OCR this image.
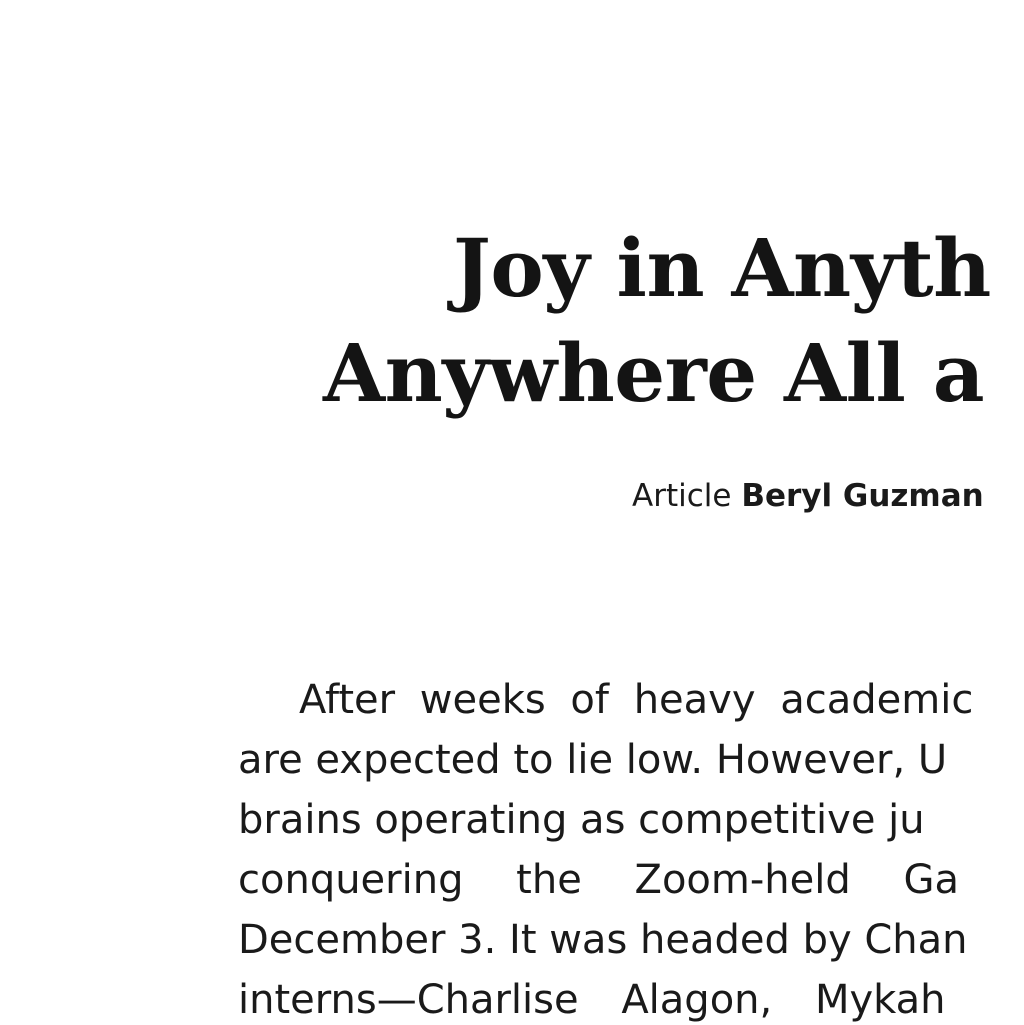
Joy in Anyth
Anywhere All a
Article Beryl Guzman
After weeks of heavy academic
are expected to lie low. However, U
brains operating as competitive ju
conquering the Zoom-held Ga
December 3. It was headed by Chan
interns—Charlise Alagon, Mykah
